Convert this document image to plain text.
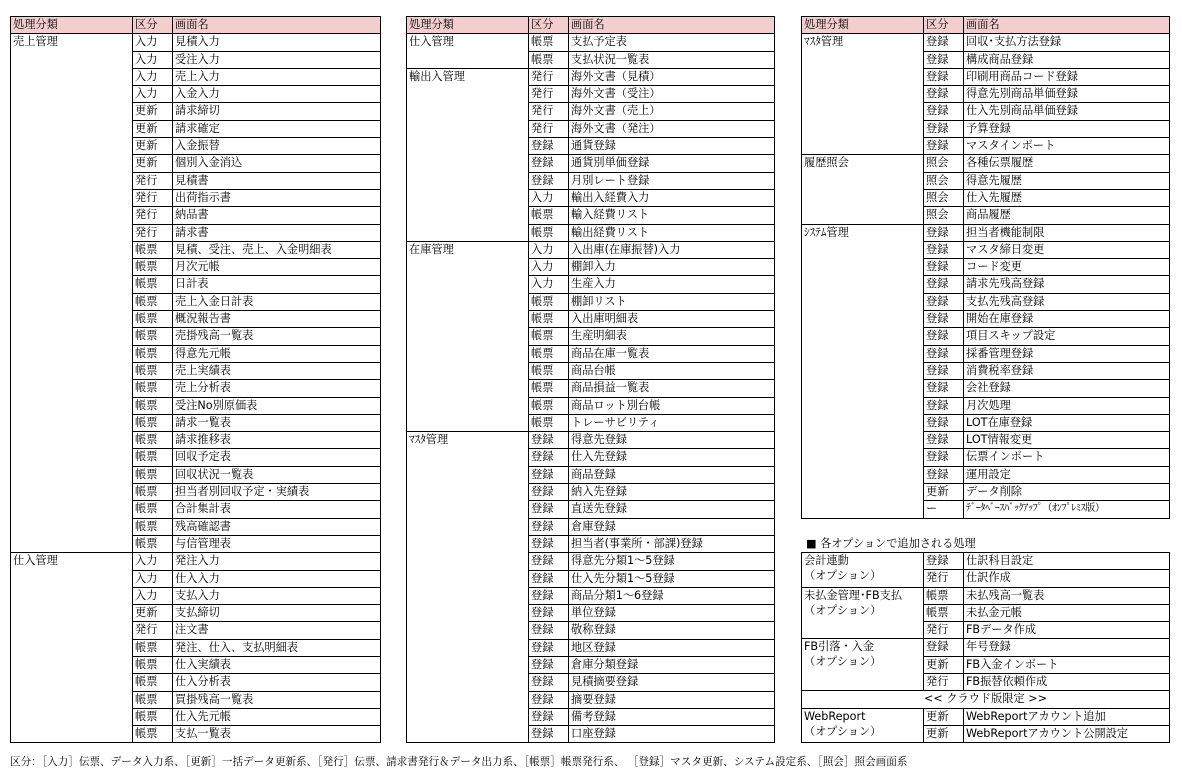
処理分類	区分	画面名
売上管理	入力	見積入力
	入力	受注入力
	入力	売上入力
	入力	入金入力
	更新	請求締切
	更新	請求確定
	更新	入金振替
	更新	個別入金消込
	発行	見積書
	発行	出荷指示書
	発行	納品書
	発行	請求書
	帳票	見積、受注、売上、入金明細表
	帳票	月次元帳
	帳票	日計表
	帳票	売上入金日計表
	帳票	概況報告書
	帳票	売掛残高一覧表
	帳票	得意先元帳
	帳票	売上実績表
	帳票	売上分析表
	帳票	受注No別原価表
	帳票	請求一覧表
	帳票	請求推移表
	帳票	回収予定表
	帳票	回収状況一覧表
	帳票	担当者別回収予定・実績表
	帳票	合計集計表
	帳票	残高確認書
	帳票	与信管理表
仕入管理	入力	発注入力
	入力	仕入入力
	入力	支払入力
	更新	支払締切
	発行	注文書
	帳票	発注、仕入、支払明細表
	帳票	仕入実績表
	帳票	仕入分析表
	帳票	買掛残高一覧表
	帳票	仕入先元帳
	帳票	支払一覧表
処理分類	区分	画面名
仕入管理	帳票	支払予定表
	帳票	支払状況一覧表
輸出入管理	発行	海外文書（見積）
	発行	海外文書（受注）
	発行	海外文書（売上）
	発行	海外文書（発注）
	登録	通貨登録
	登録	通貨別単価登録
	登録	月別レート登録
	入力	輸出入経費入力
	帳票	輸入経費リスト
	帳票	輸出経費リスト
在庫管理	入力	入出庫(在庫振替)入力
	入力	棚卸入力
	入力	生産入力
	帳票	棚卸リスト
	帳票	入出庫明細表
	帳票	生産明細表
	帳票	商品在庫一覧表
	帳票	商品台帳
	帳票	商品損益一覧表
	帳票	商品ロット別台帳
	帳票	トレーサビリティ
ﾏｽﾀ管理	登録	得意先登録
	登録	仕入先登録
	登録	商品登録
	登録	納入先登録
	登録	直送先登録
	登録	倉庫登録
	登録	担当者(事業所・部課)登録
	登録	得意先分類1～5登録
	登録	仕入先分類1～5登録
	登録	商品分類1～6登録
	登録	単位登録
	登録	敬称登録
	登録	地区登録
	登録	倉庫分類登録
	登録	見積摘要登録
	登録	摘要登録
	登録	備考登録
	登録	口座登録
処理分類	区分	画面名
ﾏｽﾀ管理	登録	回収･支払方法登録
	登録	構成商品登録
	登録	印刷用商品コード登録
	登録	得意先別商品単価登録
	登録	仕入先別商品単価登録
	登録	予算登録
	登録	マスタインポート
履歴照会	照会	各種伝票履歴
	照会	得意先履歴
	照会	仕入先履歴
	照会	商品履歴
ｼｽﾃﾑ管理	登録	担当者機能制限
	登録	マスタ締日変更
	登録	コード変更
	登録	請求先残高登録
	登録	支払先残高登録
	登録	開始在庫登録
	登録	項目スキップ設定
	登録	採番管理登録
	登録	消費税率登録
	登録	会社登録
	登録	月次処理
	登録	LOT在庫登録
	登録	LOT情報変更
	登録	伝票インポート
	登録	運用設定
	更新	データ削除
	ー	ﾃﾞｰﾀﾍﾞｰｽﾊﾞｯｸｱｯﾌﾟ（ｵﾝﾌﾟﾚﾐｽ版）
■ 各オプションで追加される処理
会計連動
（オプション）	登録	仕訳科目設定
	発行	仕訳作成

未払金管理･FB支払
（オプション）	帳票	未払残高一覧表
	帳票	未払金元帳
	発行	FBデータ作成

FB引落・入金
（オプション）	登録	年号登録
	更新	FB入金インポート
	発行	FB振替依頼作成
<< クラウド版限定 >>		

WebReport
（オプション）	更新	WebReportアカウント追加
	更新	WebReportアカウント公開設定
区分：［入力］伝票、データ入力系、［更新］一括データ更新系、［発行］伝票、請求書発行＆データ出力系、［帳票］帳票発行系、 ［登録］マスタ更新、システム設定系、［照会］照会画面系
